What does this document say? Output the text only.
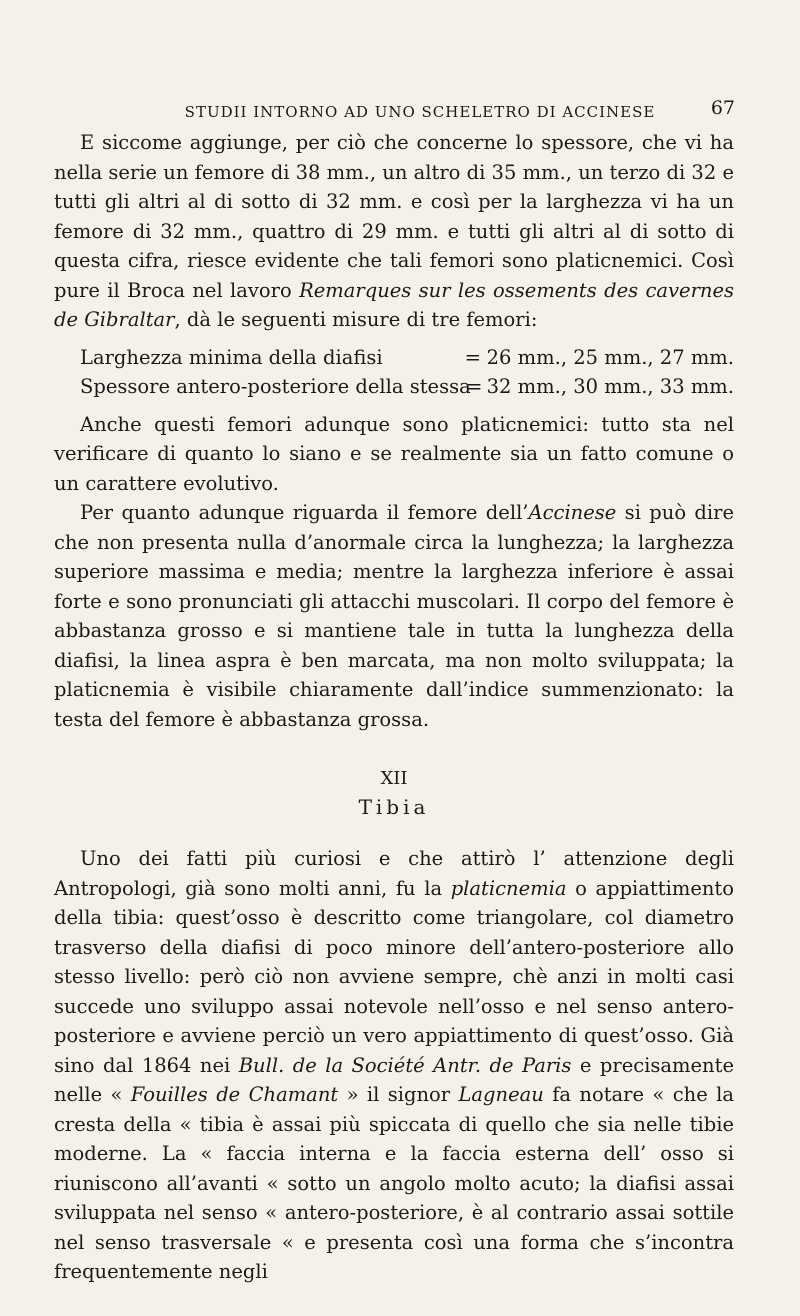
STUDII INTORNO AD UNO SCHELETRO DI ACCINESE	67

E siccome aggiunge, per ciò che concerne lo spessore, che vi ha nella serie un femore di 38 mm., un altro di 35 mm., un terzo di 32 e tutti gli altri al di sotto di 32 mm. e così per la larghezza vi ha un femore di 32 mm., quattro di 29 mm. e tutti gli altri al di sotto di questa cifra, riesce evidente che tali femori sono platicnemici. Così pure il Broca nel lavoro Remarques sur les ossements des cavernes de Gibraltar, dà le seguenti misure di tre femori:

Larghezza minima della diafisi	= 26 mm., 25 mm., 27 mm.
Spessore antero-posteriore della stessa
= 32 mm., 30 mm., 33 mm.

Anche questi femori adunque sono platicnemici: tutto sta nel verificare di quanto lo siano e se realmente sia un fatto comune o un carattere evolutivo.

Per quanto adunque riguarda il femore dell’Accinese si può dire che non presenta nulla d’anormale circa la lunghezza; la larghezza superiore massima e media; mentre la larghezza inferiore è assai forte e sono pronunciati gli attacchi muscolari. Il corpo del femore è abbastanza grosso e si mantiene tale in tutta la lunghezza della diafisi, la linea aspra è ben marcata, ma non molto sviluppata; la platicnemia è visibile chiaramente dall’indice summenzionato: la testa del femore è abbastanza grossa.

XII
Tibia

Uno dei fatti più curiosi e che attirò l’ attenzione degli Antropologi, già sono molti anni, fu la platicnemia o appiattimento della tibia: quest’osso è descritto come triangolare, col diametro trasverso della diafisi di poco minore dell’antero-posteriore allo stesso livello: però ciò non avviene sempre, chè anzi in molti casi succede uno sviluppo assai notevole nell’osso e nel senso antero-posteriore e avviene perciò un vero appiattimento di quest’osso. Già sino dal 1864 nei Bull. de la Société Antr. de Paris e precisamente nelle « Fouilles de Chamant » il signor Lagneau fa notare « che la cresta della « tibia è assai più spiccata di quello che sia nelle tibie moderne. La « faccia interna e la faccia esterna dell’ osso si riuniscono all’avanti « sotto un angolo molto acuto; la diafisi assai sviluppata nel senso « antero-posteriore, è al contrario assai sottile nel senso trasversale « e presenta così una forma che s’incontra frequentemente negli
